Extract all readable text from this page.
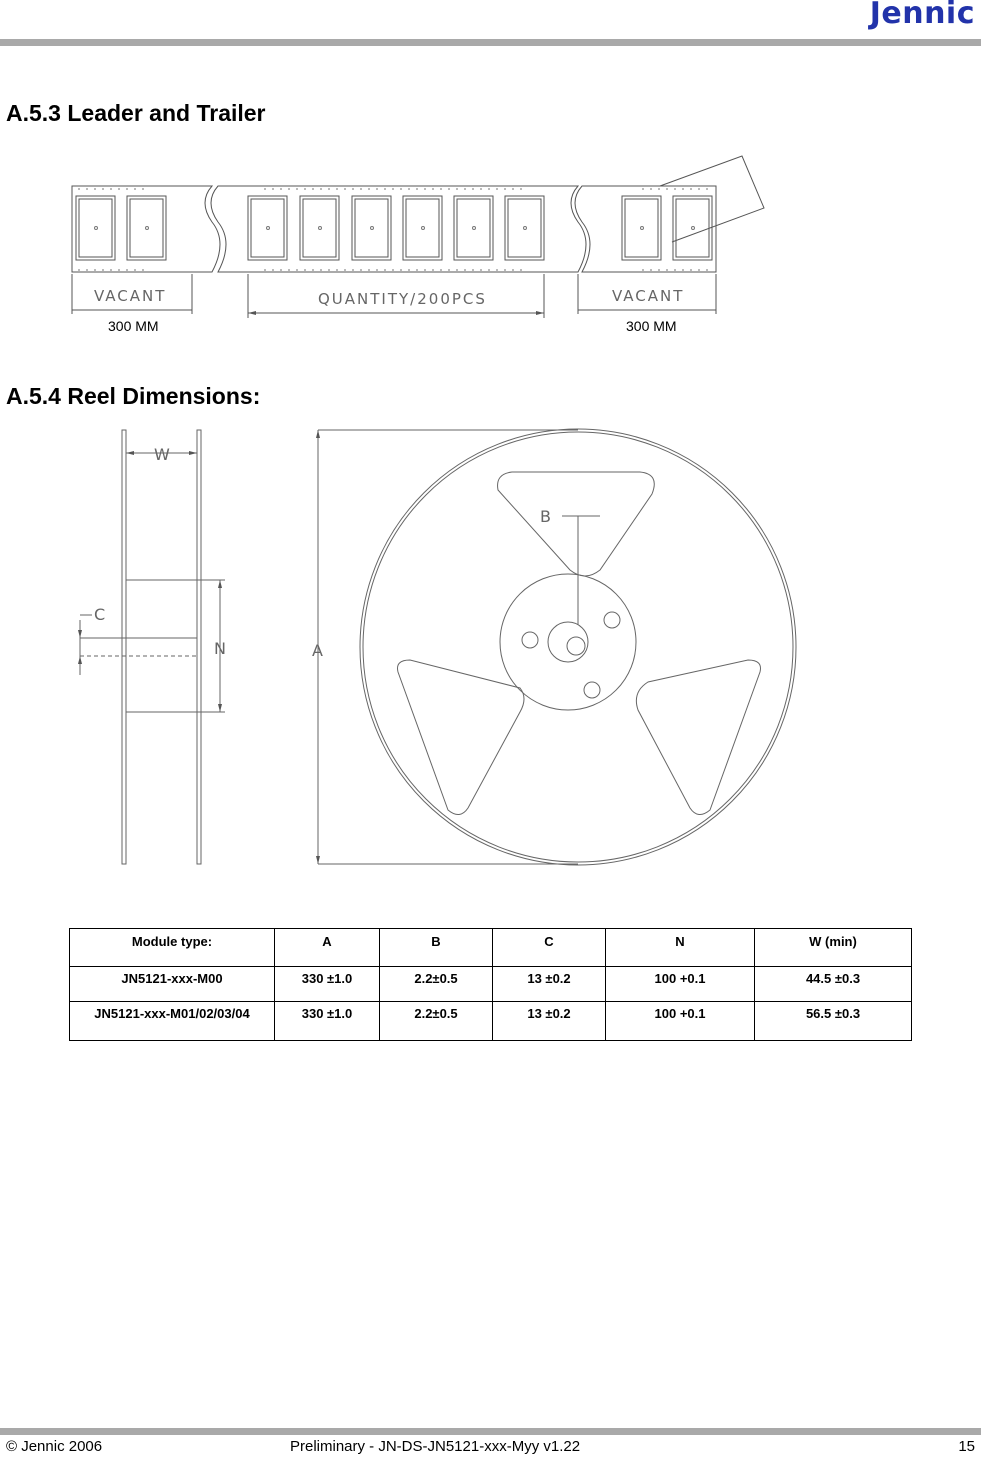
Jennic
A.5.3 Leader and Trailer
VACANT	QUANTITY/200PCS	VACANT
300 MM	300 MM
A.5.4 Reel Dimensions:
W
C
N	A
B
Module type:	A	B	C	N	W (min)
JN5121-xxx-M00	330 ±1.0	2.2±0.5	13 ±0.2	100 +0.1	44.5 ±0.3
JN5121-xxx-M01/02/03/04	330 ±1.0	2.2±0.5	13 ±0.2	100 +0.1	56.5 ±0.3
© Jennic 2006	Preliminary - JN-DS-JN5121-xxx-Myy v1.22	15
